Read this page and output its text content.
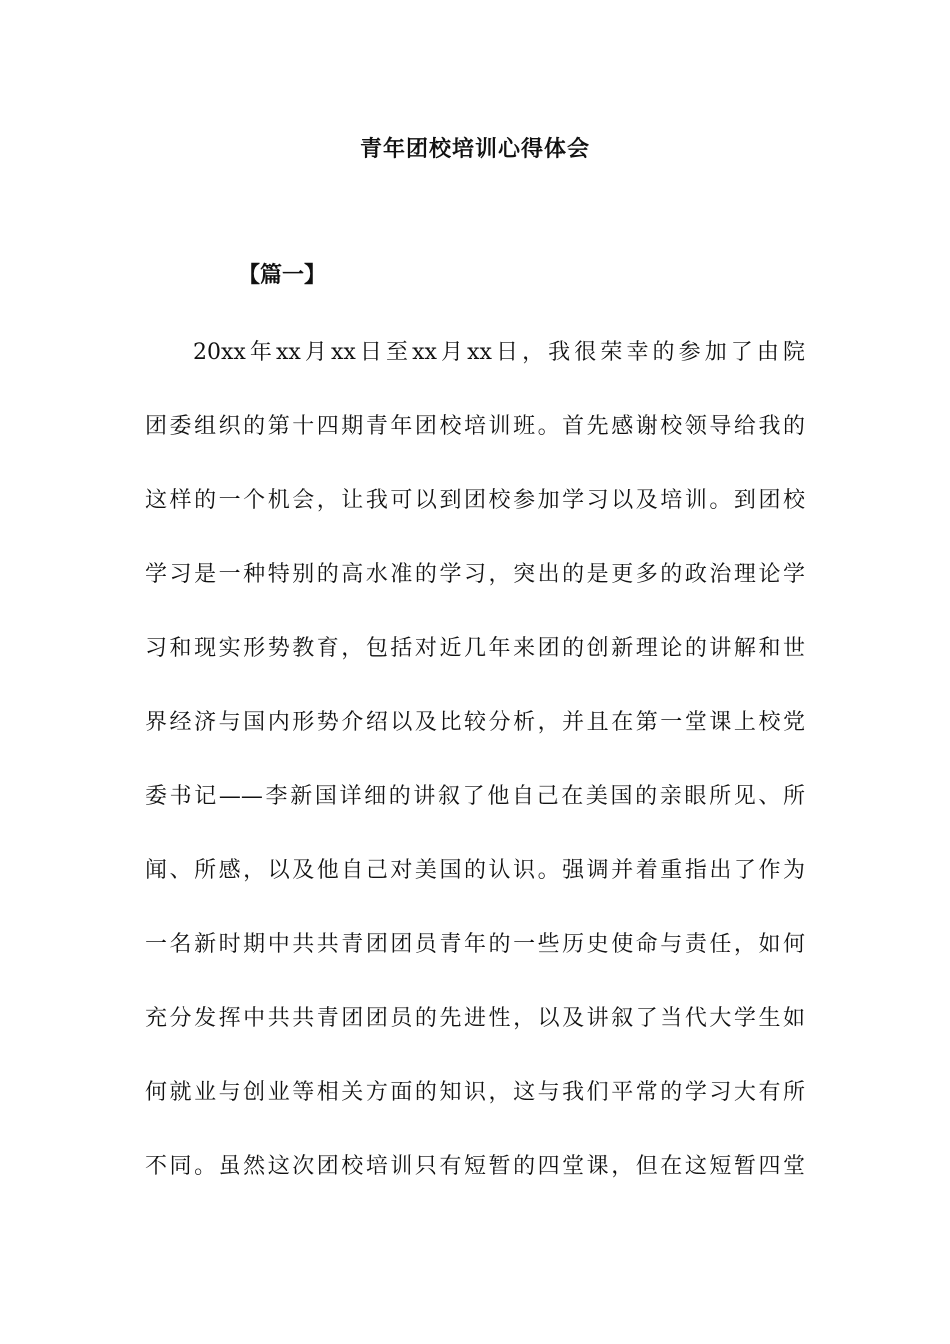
青年团校培训心得体会
【篇一】
20xx年xx月xx日至xx月xx日，我很荣幸的参加了由院
团委组织的第十四期青年团校培训班。首先感谢校领导给我的
这样的一个机会，让我可以到团校参加学习以及培训。到团校
学习是一种特别的高水准的学习，突出的是更多的政治理论学
习和现实形势教育，包括对近几年来团的创新理论的讲解和世
界经济与国内形势介绍以及比较分析，并且在第一堂课上校党
委书记——李新国详细的讲叙了他自己在美国的亲眼所见、所
闻、所感，以及他自己对美国的认识。强调并着重指出了作为
一名新时期中共共青团团员青年的一些历史使命与责任，如何
充分发挥中共共青团团员的先进性，以及讲叙了当代大学生如
何就业与创业等相关方面的知识，这与我们平常的学习大有所
不同。虽然这次团校培训只有短暂的四堂课，但在这短暂四堂
